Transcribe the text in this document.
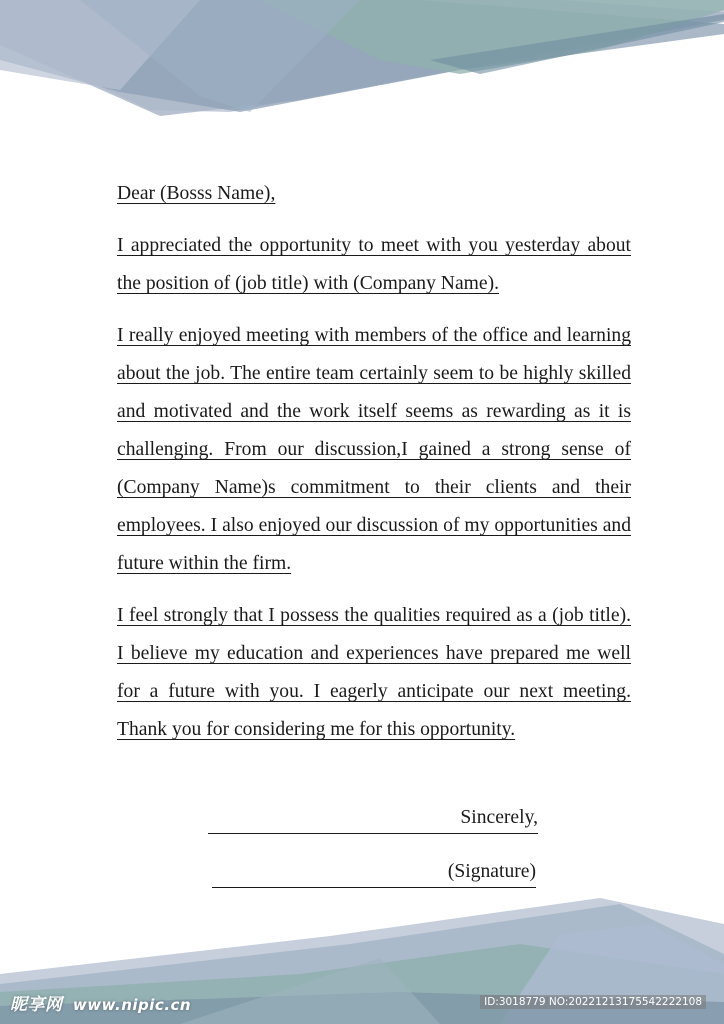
Dear (Bosss Name),

I appreciated the opportunity to meet with you yesterday about the position of (job title) with (Company Name).

I really enjoyed meeting with members of the office and learning about the job. The entire team certainly seem to be highly skilled and motivated and the work itself seems as rewarding as it is challenging. From our discussion,I gained a strong sense of (Company Name)s commitment to their clients and their employees. I also enjoyed our discussion of my opportunities and future within the firm.

I feel strongly that I possess the qualities required as a (job title). I believe my education and experiences have prepared me well for a future with you. I eagerly anticipate our next meeting. Thank you for considering me for this opportunity.

Sincerely,
(Signature)
昵享网 www.nipic.cn	ID:3018779 NO:20221213175542222108
